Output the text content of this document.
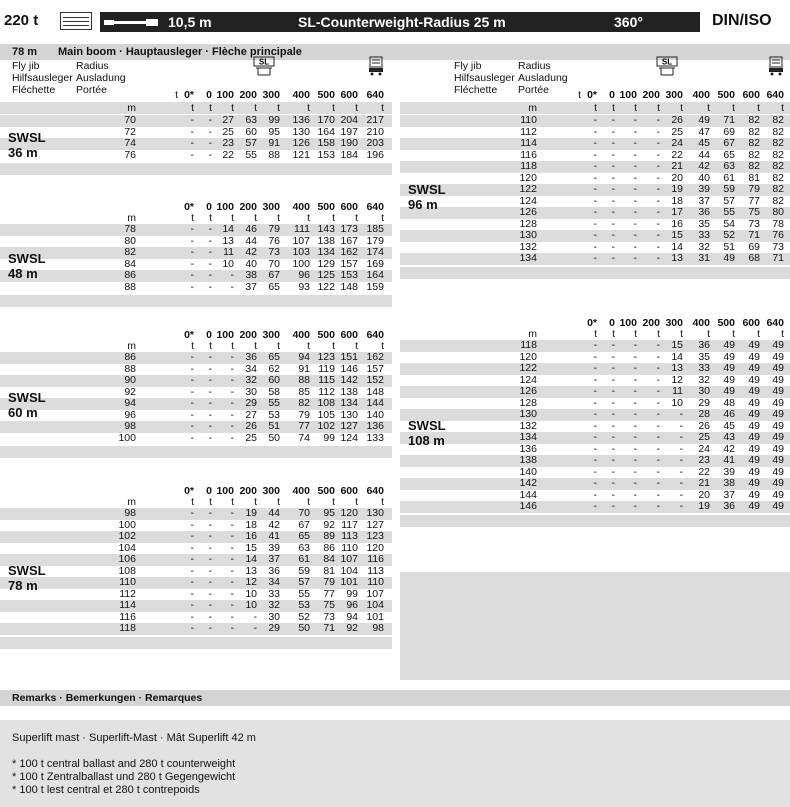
220 t	10,5 m	SL-Counterweight-Radius 25 m	360°	DIN/ISO
78 m Main boom · Hauptausleger · Flèche principale
Fly jib	Radius
Hilfsausleger Ausladung
Fléchette Portée	t
SL
0*	0 100 200 300	400 500 600 640
m	t	t	t	t	t	t	t	t	t
70	-	- 27	63	99	136 170 204 217
72	-	- 25	60	95	130 164 197 210
74	-	- 23	57	91	126 158 190 203
76	-	- 22	55	88	121 153 184 196
SWSL36 m
0*	0 100 200 300	400 500 600 640
m	t	t	t	t	t	t	t	t	t
78	-	- 14	46	79	111 143 173 185
80	-	- 13	44	76	107 138 167 179
82	-	-	11	42	73	103 134 162 174
84	-	- 10	40	70	100 129 157 169
86	-	-	-	38	67	96 125 153 164
88	-	-	-	37	65	93 122 148 159
SWSL48 m
0*	0 100 200 300	400 500 600 640
m	t	t	t	t	t	t	t	t	t
86	-	-	-	36	65	94 123 151 162
88	-	-	-	34	62	91 119 146 157
90	-	-	-	32	60	88 115 142 152
92	-	-	-	30	58	85 112 138 148
94	-	-	-	29	55	82 108 134 144
96	-	-	-	27	53	79 105 130 140
98	-	-	-	26	51	77 102 127 136
100	-	-	-	25	50	74	99 124 133
SWSL60 m
0*	0 100 200 300	400 500 600 640
m	t	t	t	t	t	t	t	t	t
98	-	-	-	19	44	70	95 120 130
100	-	-	-	18	42	67	92 117 127
102	-	-	-	16	41	65	89 113 123
104	-	-	-	15	39	63	86 110 120
106	-	-	-	14	37	61	84 107 116
108	-	-	-	13	36	59	81 104 113
110	-	-	-	12	34	57	79 101 110
112	-	-	-	10	33	55	77	99 107
114	-	-	-	10	32	53	75	96 104
116	-	-	-	-	30	52	73	94 101
118	-	-	-	-	29	50	71	92	98
SWSL78 m
Fly jib	Radius
Hilfsausleger Ausladung
Fléchette Portée	t
SL
0*	0 100 200 300 400 500 600 640
m	t	t	t	t	t	t	t	t	t
110	-	-	-	-	26	49	71	82	82
112	-	-	-	-	25	47	69	82	82
114	-	-	-	-	24	45	67	82	82
116	-	-	-	-	22	44	65	82	82
118	-	-	-	-	21	42	63	82	82
120	-	-	-	-	20	40	61	81	82
122	-	-	-	-	19	39	59	79	82
124	-	-	-	-	18	37	57	77	82
126	-	-	-	-	17	36	55	75	80
128	-	-	-	-	16	35	54	73	78
130	-	-	-	-	15	33	52	71	76
132	-	-	-	-	14	32	51	69	73
134	-	-	-	-	13	31	49	68	71
SWSL96 m
0*	0 100 200 300 400 500 600 640
m	t	t	t	t	t	t	t	t	t
118	-	-	-	-	15	36	49	49	49
120	-	-	-	-	14	35	49	49	49
122	-	-	-	-	13	33	49	49	49
124	-	-	-	-	12	32	49	49	49
126	-	-	-	-	11	30	49	49	49
128	-	-	-	-	10	29	48	49	49
130	-	-	-	-	-	28	46	49	49
132	-	-	-	-	-	26	45	49	49
134	-	-	-	-	-	25	43	49	49
136	-	-	-	-	-	24	42	49	49
138	-	-	-	-	-	23	41	49	49
140	-	-	-	-	-	22	39	49	49
142	-	-	-	-	-	21	38	49	49
144	-	-	-	-	-	20	37	49	49
146	-	-	-	-	-	19	36	49	49
SWSL108 m
Remarks · Bemerkungen · Remarques
Superlift mast · Superlift-Mast · Mât Superlift 42 m
* 100 t central ballast and 280 t counterweight
* 100 t Zentralballast und 280 t Gegengewicht
* 100 t lest central et 280 t contrepoids
